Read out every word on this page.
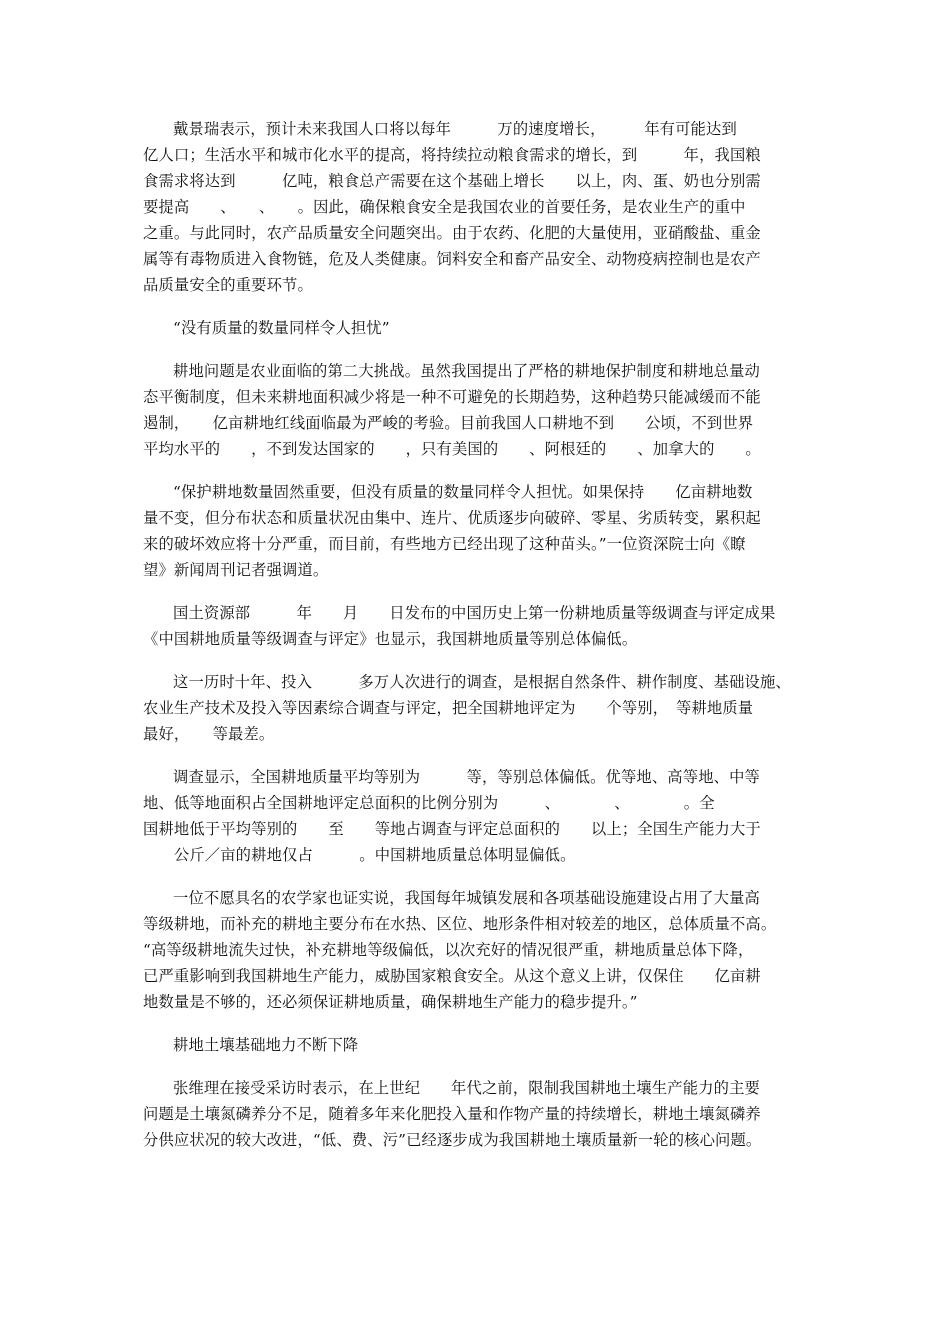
戴景瑞表示，预计未来我国人口将以每年　　　万的速度增长，　　　年有可能达到
亿人口；生活水平和城市化水平的提高，将持续拉动粮食需求的增长，到　　　年，我国粮
食需求将达到　　　亿吨，粮食总产需要在这个基础上增长　　以上，肉、蛋、奶也分别需
要提高　　、　　、　　。因此，确保粮食安全是我国农业的首要任务，是农业生产的重中
之重。与此同时，农产品质量安全问题突出。由于农药、化肥的大量使用，亚硝酸盐、重金
属等有毒物质进入食物链，危及人类健康。饲料安全和畜产品安全、动物疫病控制也是农产
品质量安全的重要环节。
“没有质量的数量同样令人担忧”
耕地问题是农业面临的第二大挑战。虽然我国提出了严格的耕地保护制度和耕地总量动
态平衡制度，但未来耕地面积减少将是一种不可避免的长期趋势，这种趋势只能减缓而不能
遏制，　　亿亩耕地红线面临最为严峻的考验。目前我国人口耕地不到　　公顷，不到世界
平均水平的　　，不到发达国家的　　，只有美国的　　、阿根廷的　　、加拿大的　　。
“保护耕地数量固然重要，但没有质量的数量同样令人担忧。如果保持　　亿亩耕地数
量不变，但分布状态和质量状况由集中、连片、优质逐步向破碎、零星、劣质转变，累积起
来的破坏效应将十分严重，而目前，有些地方已经出现了这种苗头。”一位资深院士向《瞭
望》新闻周刊记者强调道。
国土资源部　　　年　　月　　日发布的中国历史上第一份耕地质量等级调查与评定成果
《中国耕地质量等级调查与评定》也显示，我国耕地质量等别总体偏低。
这一历时十年、投入　　　多万人次进行的调查，是根据自然条件、耕作制度、基础设施、
农业生产技术及投入等因素综合调查与评定，把全国耕地评定为　　个等别，　等耕地质量
最好，　　等最差。
调查显示，全国耕地质量平均等别为　　　等，等别总体偏低。优等地、高等地、中等
地、低等地面积占全国耕地评定总面积的比例分别为　　　、　　　　、　　　　。全
国耕地低于平均等别的　　至　　等地占调查与评定总面积的　　以上；全国生产能力大于
　　公斤／亩的耕地仅占　　　。中国耕地质量总体明显偏低。
一位不愿具名的农学家也证实说，我国每年城镇发展和各项基础设施建设占用了大量高
等级耕地，而补充的耕地主要分布在水热、区位、地形条件相对较差的地区，总体质量不高。
“高等级耕地流失过快，补充耕地等级偏低，以次充好的情况很严重，耕地质量总体下降，
已严重影响到我国耕地生产能力，威胁国家粮食安全。从这个意义上讲，仅保住　　亿亩耕
地数量是不够的，还必须保证耕地质量，确保耕地生产能力的稳步提升。”
耕地土壤基础地力不断下降
张维理在接受采访时表示，在上世纪　　年代之前，限制我国耕地土壤生产能力的主要
问题是土壤氮磷养分不足，随着多年来化肥投入量和作物产量的持续增长，耕地土壤氮磷养
分供应状况的较大改进，“低、费、污”已经逐步成为我国耕地土壤质量新一轮的核心问题。
